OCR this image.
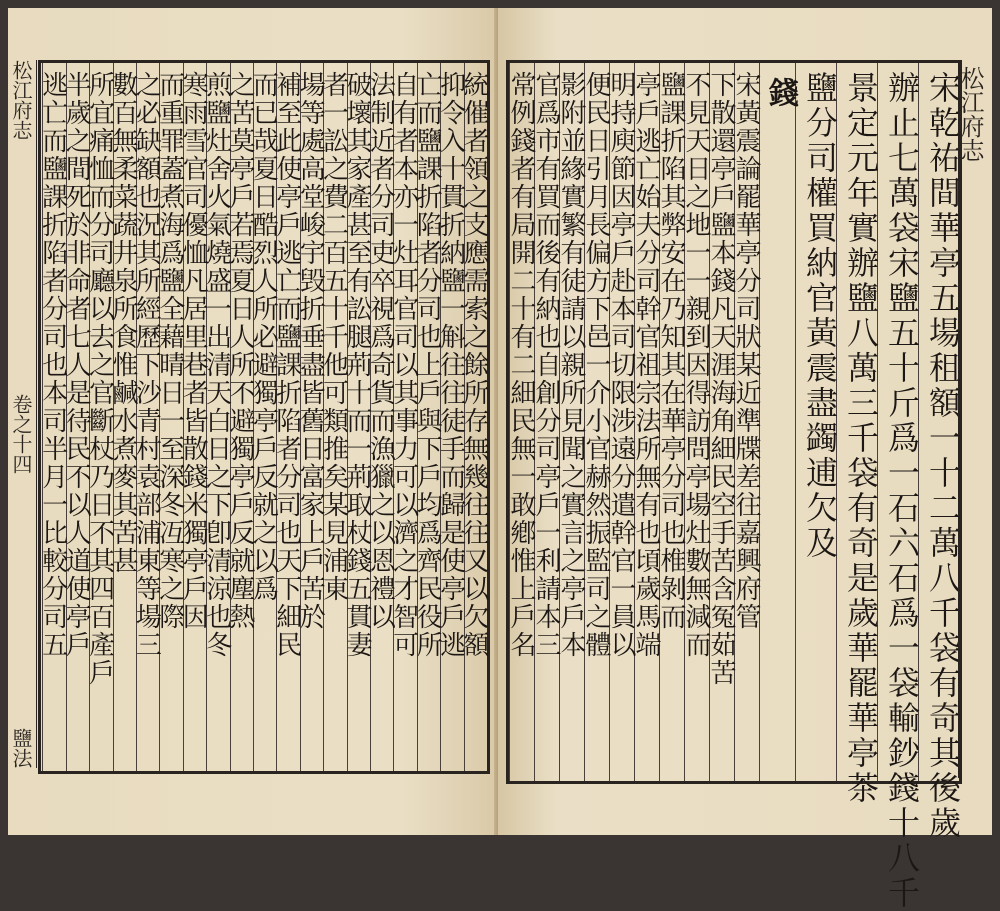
松江府志
卷之十四
鹽法
統催者領之支應需索之餘所存無幾往往又以欠額
抑令入十貫折納鹽一斛往往徒手而歸是使亭戶逃
亡而鹽課折陷者分司也上戶與下戶均爲齊民役所
自有者本亦一灶耳官司以其事力可以濟之才智可
法制近者分司吏卒視爲奇貨而漁獵之以恩禮以
破壞其家產甚至有訟腿荊十而一荊取杖錢五貫妻
者一訟之費二百五十千他可類推矣某見浦東
場等處高堂峻宇毁折垂盡皆舊日富家上戶苦於
補至此使亭戶逃亡而鹽課折陷者分司也天下細民
而已哉夏日酷烈人所必避獨亭戶反就之以爲
之苦莫亭戶若焉夏日人所不避獨亭戶反就塵熱
煎鹽灶舍火氣燒盛一出清天白日之下卽清涼也冬
寒雨雪官司優恤凡居里巷者皆散錢米獨亭戶因
而重罪蓋煮海爲鹽全藉晴日一至深冬冱寒之際
之必缺額也況其所經歷下沙青村袁部浦東等場三
數百無柔菜蔬井泉所食惟鹹水煮麥其苦甚
所宜痛恤而分司廳以去之官斷杖乃日不其四百產戶
半歲之間死於非命者七人是待民不以人道使亭戶
逃亡而鹽課折陷者分司也本司半月一比較分司五	宋乾祐間華亭五場租額一十二萬八千袋有奇其後歲
辦止七萬袋宋鹽五十斤爲一石六石爲一袋輸鈔錢十八千
景定元年實辦鹽八萬三千袋有奇是歲華罷華亭茶
鹽分司權買納官黃震盡蠲逋欠及
錢
宋黃震論罷華亭分司狀某近準牒差往嘉興府管
下散還亭戶鹽本錢凡天涯海角細民空手苦含冤茹苦
不見天日之地一一親到因得訪問亭場灶數無減而
鹽課折陷其弊安在乃知其在華亭分司也椎剝而
亭戶逃亡始夫分司幹官祖宗法所無有也頃歲馬端
明持庾節因亭戶赴本司切限涉遠分遣幹官一員以
便民日引月長偏方下邑一介小官赫然振監司之體
影附並緣實繁有徒請以親所見聞之實言之亭戶本
官爲市有買而後有納也自創分司亭戶一利請本三
常例錢者有局開二十有二細民無一敢鄕惟上戶名	松江府志
